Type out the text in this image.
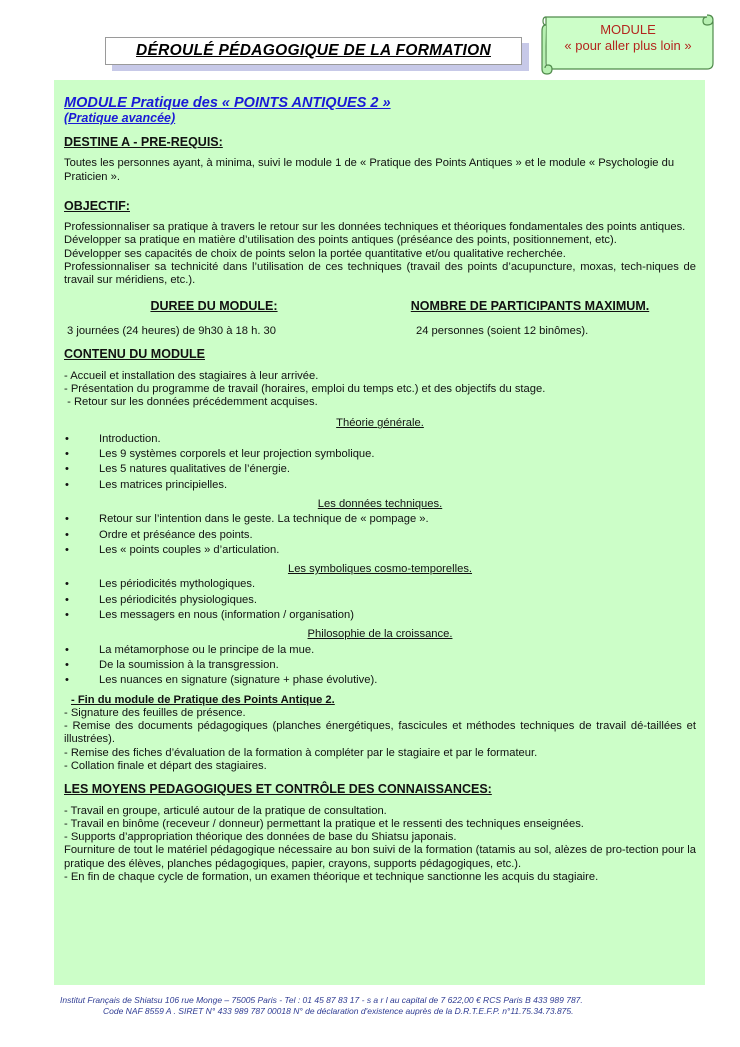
DÉROULÉ PÉDAGOGIQUE DE LA FORMATION
MODULE
« pour aller plus loin »
MODULE Pratique des « POINTS ANTIQUES 2 »
(Pratique avancée)
DESTINE A - PRE-REQUIS:

Toutes les personnes ayant, à minima, suivi le module 1 de « Pratique des Points Antiques » et le module « Psychologie du Praticien ».

OBJECTIF:

Professionnaliser sa pratique à travers le retour sur les données techniques et théoriques fondamentales des points antiques.

Développer sa pratique en matière d’utilisation des points antiques (préséance des points, positionnement, etc).

Développer ses capacités de choix de points selon la portée quantitative et/ou qualitative recherchée.

Professionnaliser sa technicité dans l’utilisation de ces techniques (travail des points d’acupuncture, moxas, tech-niques de travail sur méridiens, etc.).

DUREE DU MODULE:

3 journées (24 heures) de 9h30 à 18 h. 30

NOMBRE DE PARTICIPANTS MAXIMUM.

24 personnes (soient 12 binômes).

CONTENU DU MODULE

- Accueil et installation des stagiaires à leur arrivée.

- Présentation du programme de travail (horaires, emploi du temps etc.) et des objectifs du stage.

- Retour sur les données précédemment acquises.

Théorie générale.
• Introduction.
• Les 9 systèmes corporels et leur projection symbolique.
• Les 5 natures qualitatives de l’énergie.
• Les matrices principielles.
Les données techniques.
• Retour sur l’intention dans le geste. La technique de « pompage ».
• Ordre et préséance des points.
• Les « points couples » d’articulation.
Les symboliques cosmo-temporelles.
• Les périodicités mythologiques.
• Les périodicités physiologiques.
• Les messagers en nous (information / organisation)
Philosophie de la croissance.
• La métamorphose ou le principe de la mue.
• De la soumission à la transgression.
• Les nuances en signature (signature + phase évolutive).
- Fin du module de Pratique des Points Antique 2.

- Signature des feuilles de présence.

- Remise des documents pédagogiques (planches énergétiques, fascicules et méthodes techniques de travail dé-taillées et illustrées).

- Remise des fiches d’évaluation de la formation à compléter par le stagiaire et par le formateur.

- Collation finale et départ des stagiaires.

LES MOYENS PEDAGOGIQUES ET CONTRÔLE DES CONNAISSANCES:

- Travail en groupe, articulé autour de la pratique de consultation.

- Travail en binôme (receveur / donneur) permettant la pratique et le ressenti des techniques enseignées.

- Supports d’appropriation théorique des données de base du Shiatsu japonais.

Fourniture de tout le matériel pédagogique nécessaire au bon suivi de la formation (tatamis au sol, alèzes de pro-tection pour la pratique des élèves, planches pédagogiques, papier, crayons, supports pédagogiques, etc.).

- En fin de chaque cycle de formation, un examen théorique et technique sanctionne les acquis du stagiaire.

Institut Français de Shiatsu 106 rue Monge – 75005 Paris - Tel : 01 45 87 83 17 - s a r l au capital de 7 622,00 € RCS Paris B 433 989 787.
Code NAF 8559 A . SIRET N° 433 989 787 00018 N° de déclaration d'existence auprès de la D.R.T.E.F.P. n°11.75.34.73.875.
